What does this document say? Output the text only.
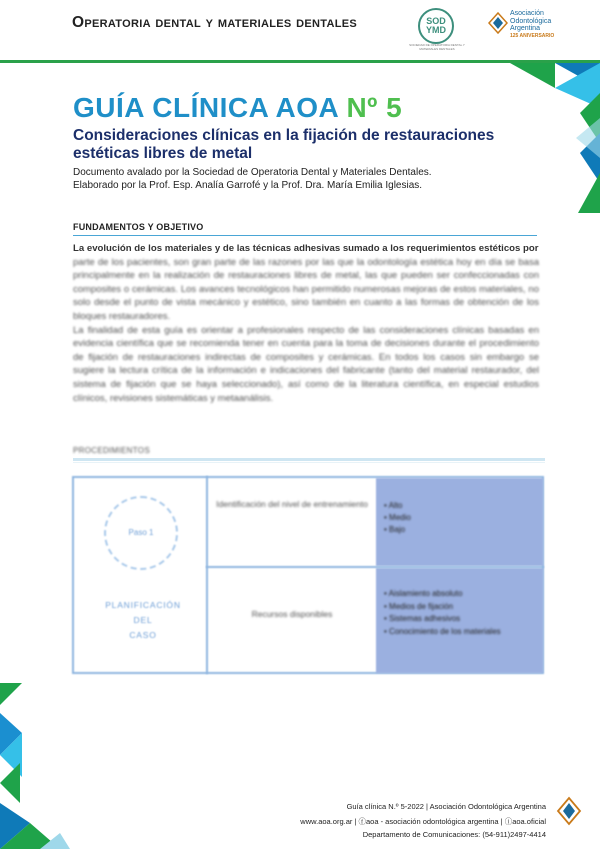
Operatoria dental y materiales dentales	SOD
YMD
SOCIEDAD DE OPERATORIA DENTAL Y MATERIALES DENTALES
Asociación
Odontológica
Argentina
125 ANIVERSARIO
GUÍA CLÍNICA AOA Nº 5
Consideraciones clínicas en la fijación de restauraciones estéticas libres de metal
Documento avalado por la Sociedad de Operatoria Dental y Materiales Dentales.
Elaborado por la Prof. Esp. Analía Garrofé y la Prof. Dra. María Emilia Iglesias.
FUNDAMENTOS Y OBJETIVO
La evolución de los materiales y de las técnicas adhesivas sumado a los requerimientos estéticos por
parte de los pacientes, son gran parte de las razones por las que la odontología estética hoy en día se basa principalmente en la realización de restauraciones libres de metal, las que pueden ser confeccionadas con composites o cerámicas. Los avances tecnológicos han permitido numerosas mejoras de estos materiales, no solo desde el punto de vista mecánico y estético, sino también en cuanto a las formas de obtención de los bloques restauradores.
La finalidad de esta guía es orientar a profesionales respecto de las consideraciones clínicas basadas en evidencia científica que se recomienda tener en cuenta para la toma de decisiones durante el procedimiento de fijación de restauraciones indirectas de composites y cerámicas. En todos los casos sin embargo se sugiere la lectura crítica de la información e indicaciones del fabricante (tanto del material restaurador, del sistema de fijación que se haya seleccionado), así como de la literatura científica, en especial estudios clínicos, revisiones sistemáticas y metaanálisis.
PROCEDIMIENTOS
Paso 1
PLANIFICACIÓN
DEL
CASO
Identificación del nivel de entrenamiento
•	Alto
• Medio
• Bajo
Recursos disponibles
• Aislamiento absoluto
• Medios de fijación
• Sistemas adhesivos
• Conocimiento de los materiales
Guía clínica N.º 5-2022 | Asociación Odontológica Argentina
www.aoa.org.ar | ⓕaoa - asociación odontológica argentina | ⓘaoa.oficial
Departamento de Comunicaciones: (54-911)2497-4414
